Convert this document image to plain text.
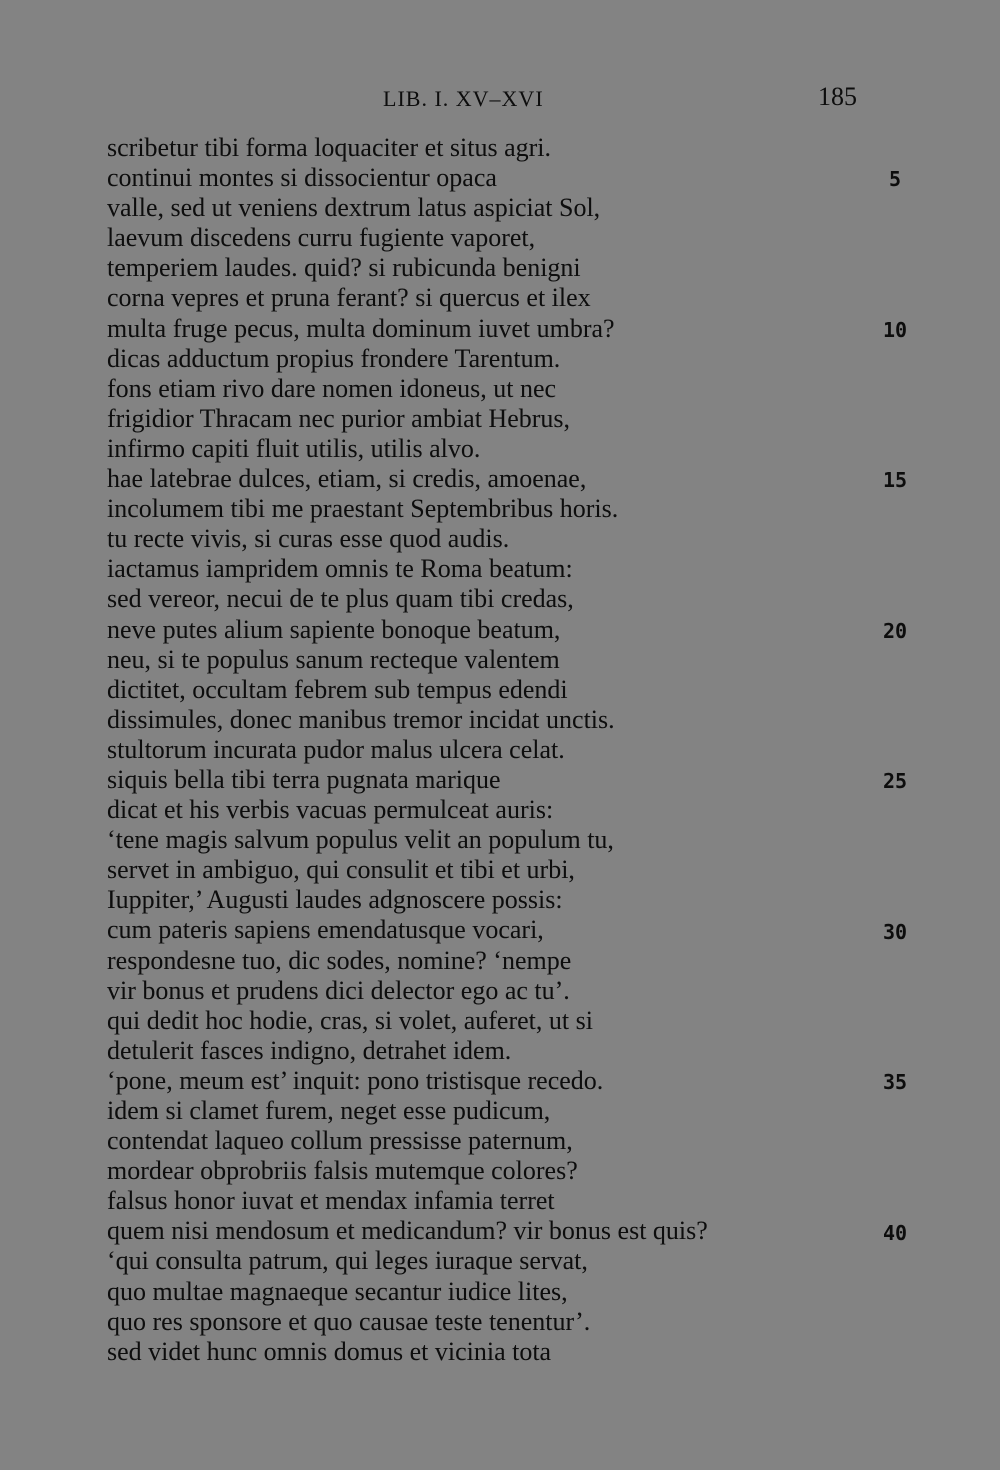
LIB. I. XV–XVI	185
scribetur tibi forma loquaciter et situs agri.
continui montes si dissocientur opaca
valle, sed ut veniens dextrum latus aspiciat Sol,
laevum discedens curru fugiente vaporet,
temperiem laudes. quid? si rubicunda benigni
corna vepres et pruna ferant? si quercus et ilex
multa fruge pecus, multa dominum iuvet umbra?
dicas adductum propius frondere Tarentum.
fons etiam rivo dare nomen idoneus, ut nec
frigidior Thracam nec purior ambiat Hebrus,
infirmo capiti fluit utilis, utilis alvo.
hae latebrae dulces, etiam, si credis, amoenae,
incolumem tibi me praestant Septembribus horis.
tu recte vivis, si curas esse quod audis.
iactamus iampridem omnis te Roma beatum:
sed vereor, necui de te plus quam tibi credas,
neve putes alium sapiente bonoque beatum,
neu, si te populus sanum recteque valentem
dictitet, occultam febrem sub tempus edendi
dissimules, donec manibus tremor incidat unctis.
stultorum incurata pudor malus ulcera celat.
siquis bella tibi terra pugnata marique
dicat et his verbis vacuas permulceat auris:
‘tene magis salvum populus velit an populum tu,
servet in ambiguo, qui consulit et tibi et urbi,
Iuppiter,’ Augusti laudes adgnoscere possis:
cum pateris sapiens emendatusque vocari,
respondesne tuo, dic sodes, nomine? ‘nempe
vir bonus et prudens dici delector ego ac tu’.
qui dedit hoc hodie, cras, si volet, auferet, ut si
detulerit fasces indigno, detrahet idem.
‘pone, meum est’ inquit: pono tristisque recedo.
idem si clamet furem, neget esse pudicum,
contendat laqueo collum pressisse paternum,
mordear obprobriis falsis mutemque colores?
falsus honor iuvat et mendax infamia terret
quem nisi mendosum et medicandum? vir bonus est quis?
‘qui consulta patrum, qui leges iuraque servat,
quo multae magnaeque secantur iudice lites,
quo res sponsore et quo causae teste tenentur’.
sed videt hunc omnis domus et vicinia tota
5
10
15
20
25
30
35
40
